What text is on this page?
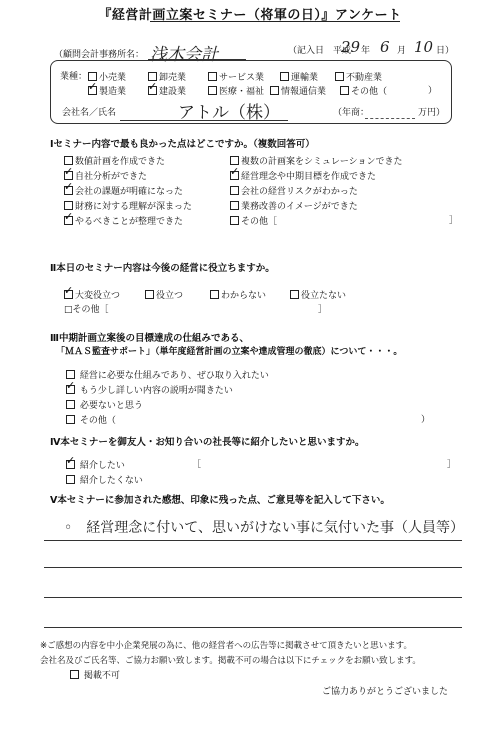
『経営計画立案セミナー（将軍の日）』アンケート
（顧問会計事務所名： 浅木会計	（記入日　平成
29 年 6 月 10 日）
業種：	小売業	卸売業	サービス業	運輸業	不動産業
✓製造業 ✓	建設業	医療・福祉	情報通信業	その他（	）
会社名／氏名	アトル（株）	（年商：	万円）
Ⅰセミナー内容で最も良かった点はどこですか。（複数回答可）
数値計画を作成できた	複数の計画案をシミュレーションできた
✓自社分析ができた ✓	経営理念や中期目標を作成できた
✓会社の課題が明確になった	会社の経営リスクがわかった
財務に対する理解が深まった	業務改善のイメージができた
✓やるべきことが整理できた	その他［	］
Ⅱ本日のセミナー内容は今後の経営に役立ちますか。
✓大変役立つ	役立つ	わからない	役立たない
□その他［	］
Ⅲ中期計画立案後の目標達成の仕組みである、
「ＭＡＳ監査サポート」（単年度経営計画の立案や達成管理の徹底）について・・・。
経営に必要な仕組みであり、ぜひ取り入れたい
✓ もう少し詳しい内容の説明が聞きたい
必要ないと思う
その他（	）
Ⅳ本セミナーを御友人・お知り合いの社長等に紹介したいと思いますか。
✓ 紹介したい	［	］
紹介したくない
Ⅴ本セミナーに参加された感想、印象に残った点、ご意見等を記入して下さい。
◦　経営理念に付いて、思いがけない事に気付いた事（人員等）
※ご感想の内容を中小企業発展の為に、他の経営者への広告等に掲載させて頂きたいと思います。
会社名及びご氏名等、ご協力お願い致します。掲載不可の場合は以下にチェックをお願い致します。
掲載不可
ご協力ありがとうございました
